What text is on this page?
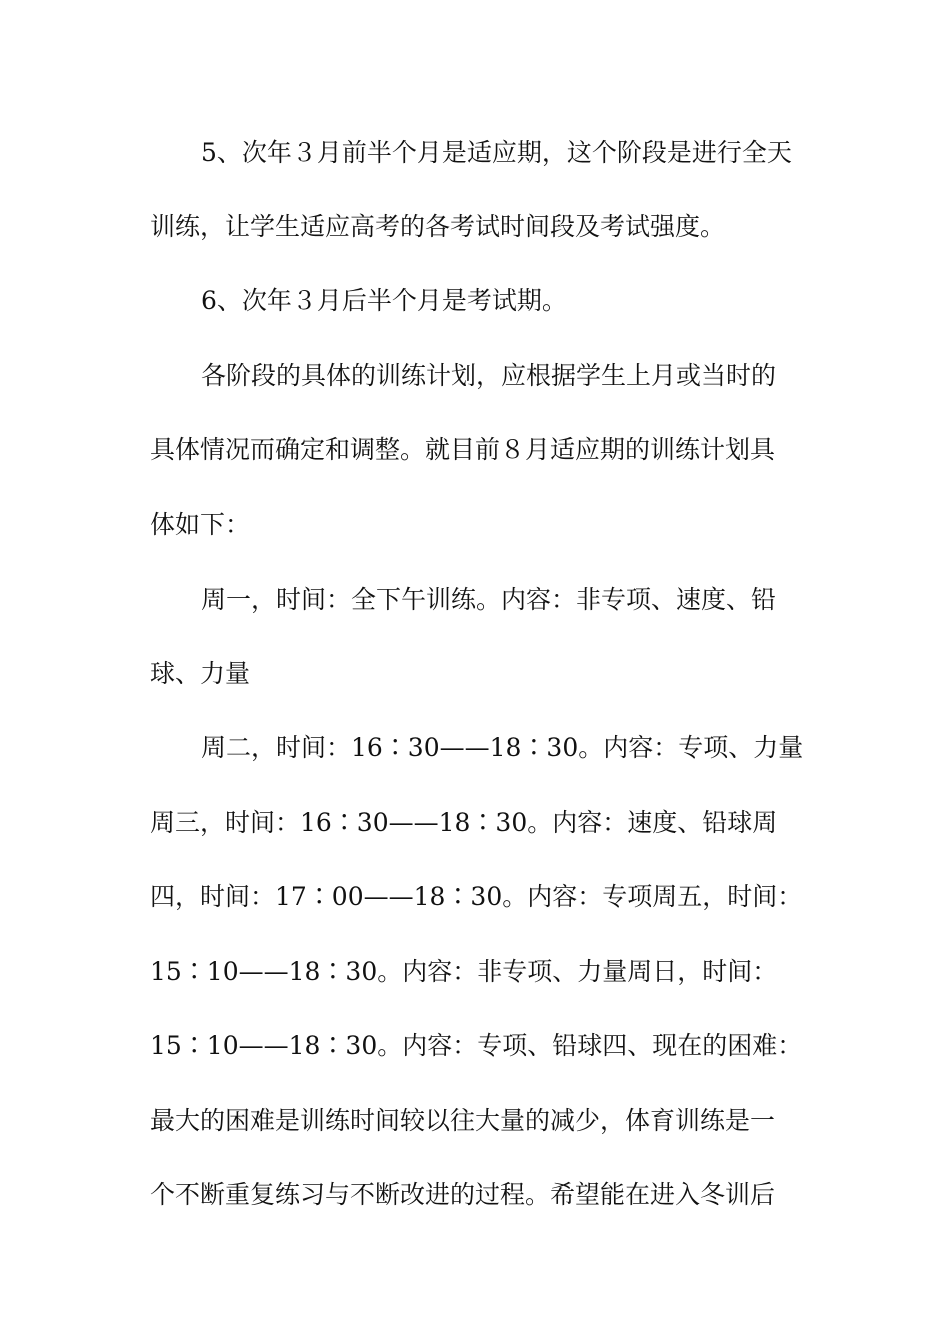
5、次年３月前半个月是适应期，这个阶段是进行全天
训练，让学生适应高考的各考试时间段及考试强度。
6、次年３月后半个月是考试期。
各阶段的具体的训练计划，应根据学生上月或当时的
具体情况而确定和调整。就目前８月适应期的训练计划具
体如下：
周一，时间：全下午训练。内容：非专项、速度、铅
球、力量
周二，时间：16∶30——18∶30。内容：专项、力量
周三，时间：16∶30——18∶30。内容：速度、铅球周
四，时间：17∶00——18∶30。内容：专项周五，时间：
15∶10——18∶30。内容：非专项、力量周日，时间：
15∶10——18∶30。内容：专项、铅球四、现在的困难：
最大的困难是训练时间较以往大量的减少，体育训练是一
个不断重复练习与不断改进的过程。希望能在进入冬训后
